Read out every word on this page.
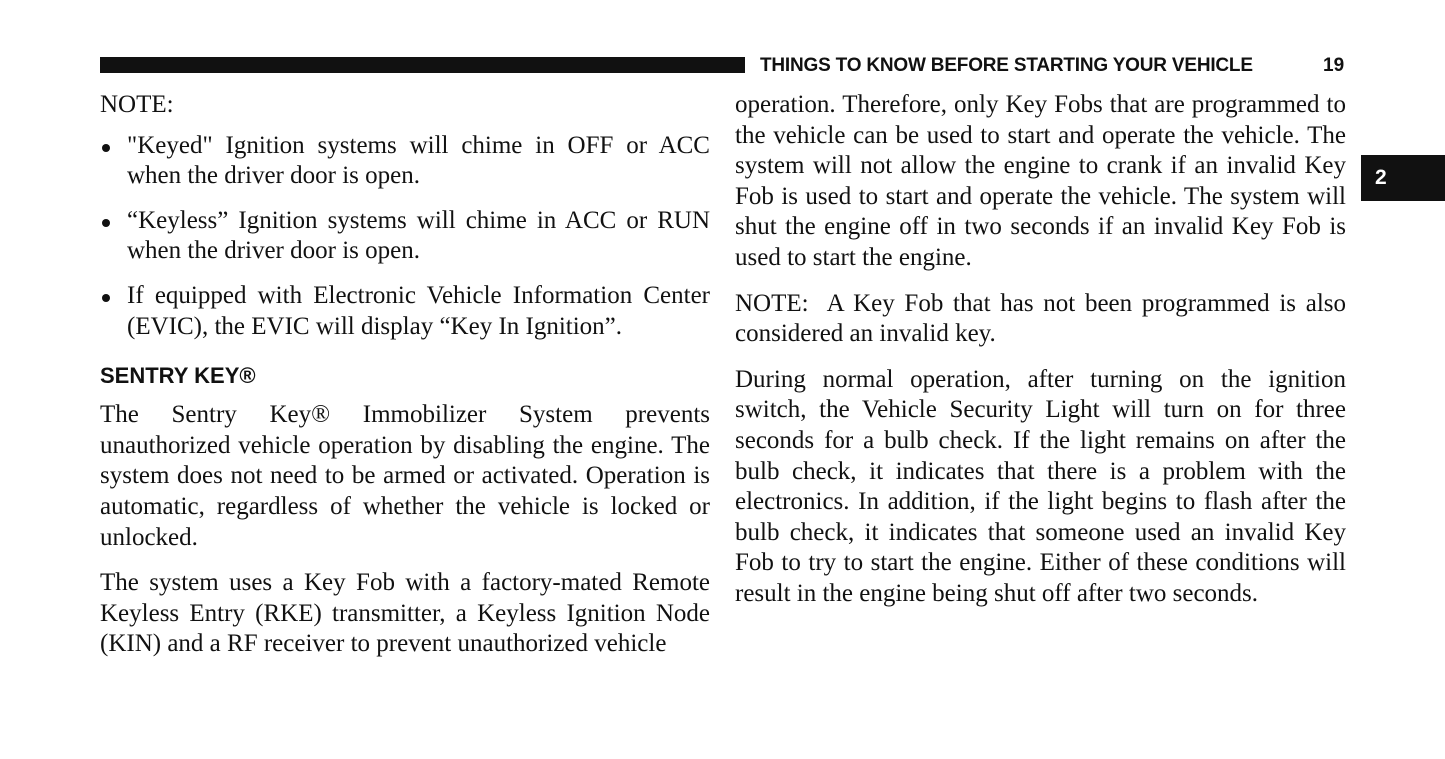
THINGS TO KNOW BEFORE STARTING YOUR VEHICLE	19
2
NOTE:
"Keyed" Ignition systems will chime in OFF or ACC when the driver door is open.
“Keyless” Ignition systems will chime in ACC or RUN when the driver door is open.
If equipped with Electronic Vehicle Information Center (EVIC), the EVIC will display “Key In Ignition”.
SENTRY KEY®

The Sentry Key® Immobilizer System prevents unauthorized vehicle operation by disabling the engine. The system does not need to be armed or activated. Operation is automatic, regardless of whether the vehicle is locked or unlocked.

The system uses a Key Fob with a factory-mated Remote Keyless Entry (RKE) transmitter, a Keyless Ignition Node (KIN) and a RF receiver to prevent unauthorized vehicle

operation. Therefore, only Key Fobs that are programmed to the vehicle can be used to start and operate the vehicle. The system will not allow the engine to crank if an invalid Key Fob is used to start and operate the vehicle. The system will shut the engine off in two seconds if an invalid Key Fob is used to start the engine.

NOTE: A Key Fob that has not been programmed is also considered an invalid key.

During normal operation, after turning on the ignition switch, the Vehicle Security Light will turn on for three seconds for a bulb check. If the light remains on after the bulb check, it indicates that there is a problem with the electronics. In addition, if the light begins to flash after the bulb check, it indicates that someone used an invalid Key Fob to try to start the engine. Either of these conditions will result in the engine being shut off after two seconds.
